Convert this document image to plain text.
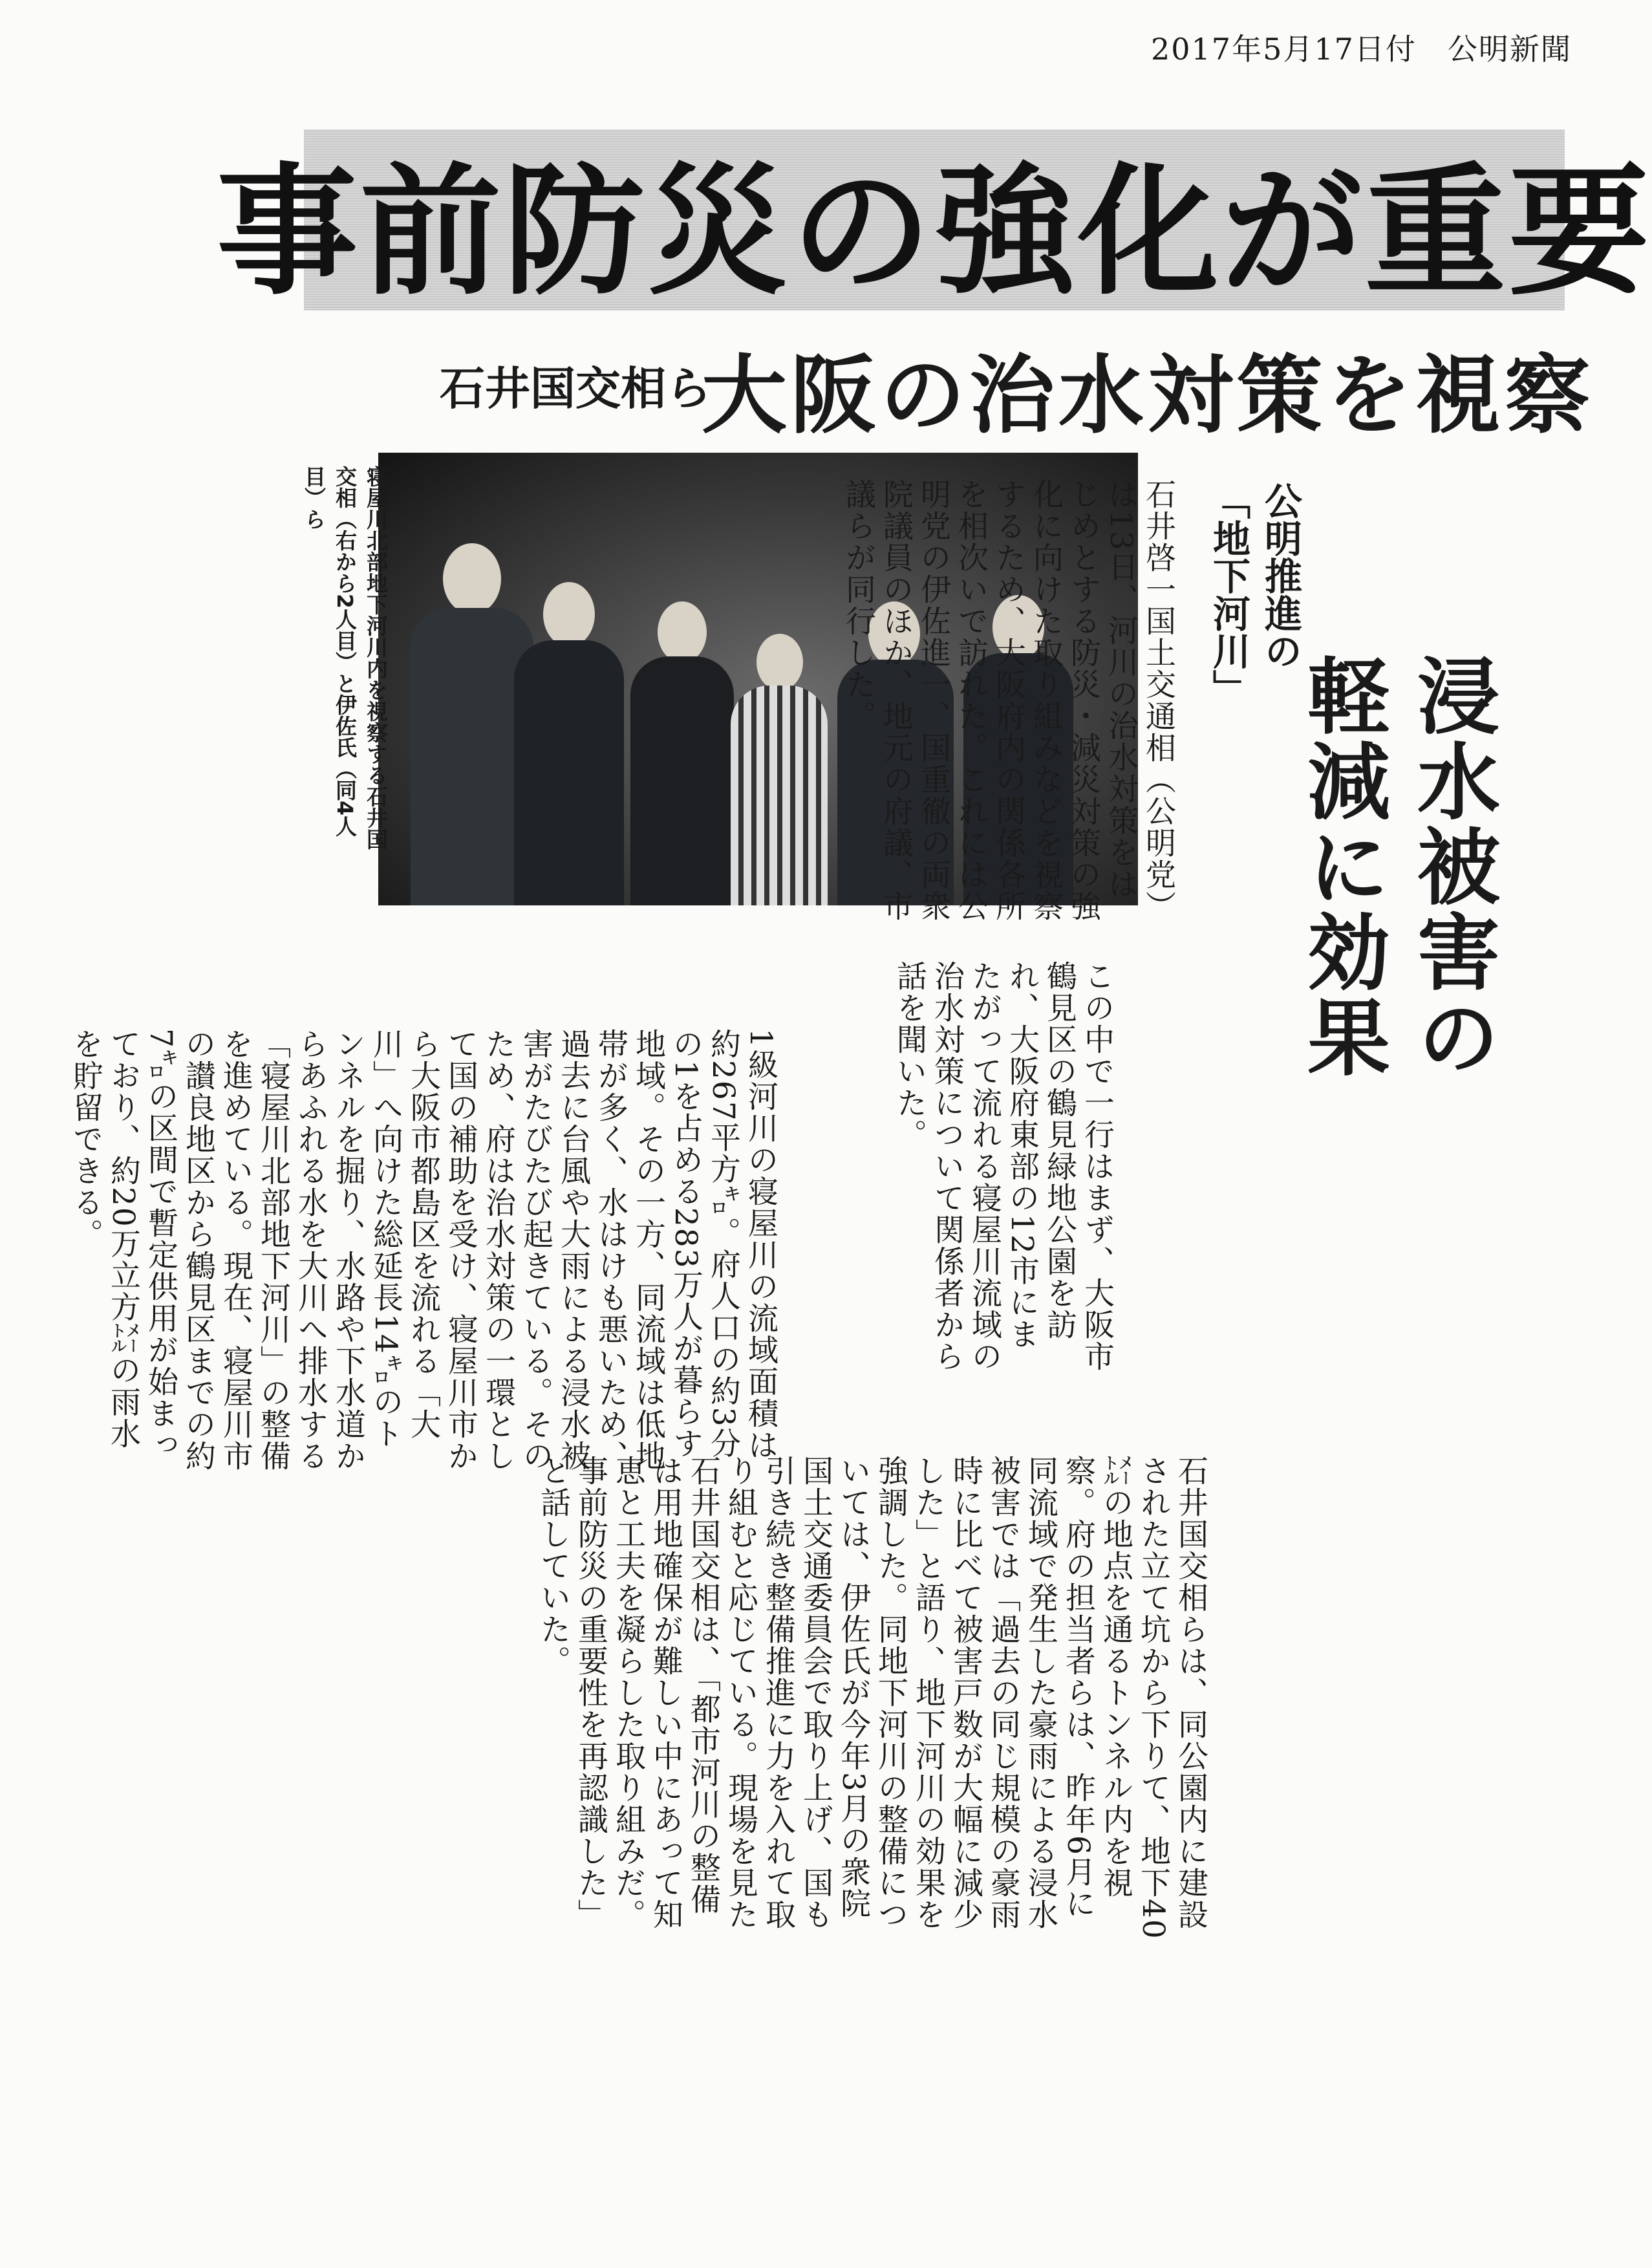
2017年5月17日付　公明新聞
事前防災の強化が重要
石井国交相ら
大阪の治水対策を視察
公明推進の
「地下河川」
浸水被害の
軽減に効果
寝屋川北部地下河川内を視察する石井国交相（右から2人目）と伊佐氏（同4人目）ら	石井啓一国土交通相（公明党）は13日、河川の治水対策をはじめとする防災・減災対策の強化に向けた取り組みなどを視察するため、大阪府内の関係各所を相次いで訪れた。これには公明党の伊佐進一、国重徹の両衆院議員のほか、地元の府議、市議らが同行した。
この中で一行はまず、大阪市鶴見区の鶴見緑地公園を訪れ、大阪府東部の12市にまたがって流れる寝屋川流域の治水対策について関係者から話を聞いた。
1級河川の寝屋川の流域面積は約267平方㌔。府人口の約3分の1を占める283万人が暮らす地域。その一方、同流域は低地帯が多く、水はけも悪いため、過去に台風や大雨による浸水被害がたびたび起きている。そのため、府は治水対策の一環として国の補助を受け、寝屋川市から大阪市都島区を流れる「大川」へ向けた総延長14㌔のトンネルを掘り、水路や下水道からあふれる水を大川へ排水する「寝屋川北部地下河川」の整備を進めている。現在、寝屋川市の讃良地区から鶴見区までの約7㌔の区間で暫定供用が始まっており、約20万立方㍍の雨水を貯留できる。
石井国交相らは、同公園内に建設された立て坑から下りて、地下40㍍の地点を通るトンネル内を視察。府の担当者らは、昨年6月に同流域で発生した豪雨による浸水被害では「過去の同じ規模の豪雨時に比べて被害戸数が大幅に減少した」と語り、地下河川の効果を強調した。同地下河川の整備については、伊佐氏が今年3月の衆院国土交通委員会で取り上げ、国も引き続き整備推進に力を入れて取り組むと応じている。現場を見た石井国交相は、「都市河川の整備は用地確保が難しい中にあって知恵と工夫を凝らした取り組みだ。事前防災の重要性を再認識した」と話していた。
